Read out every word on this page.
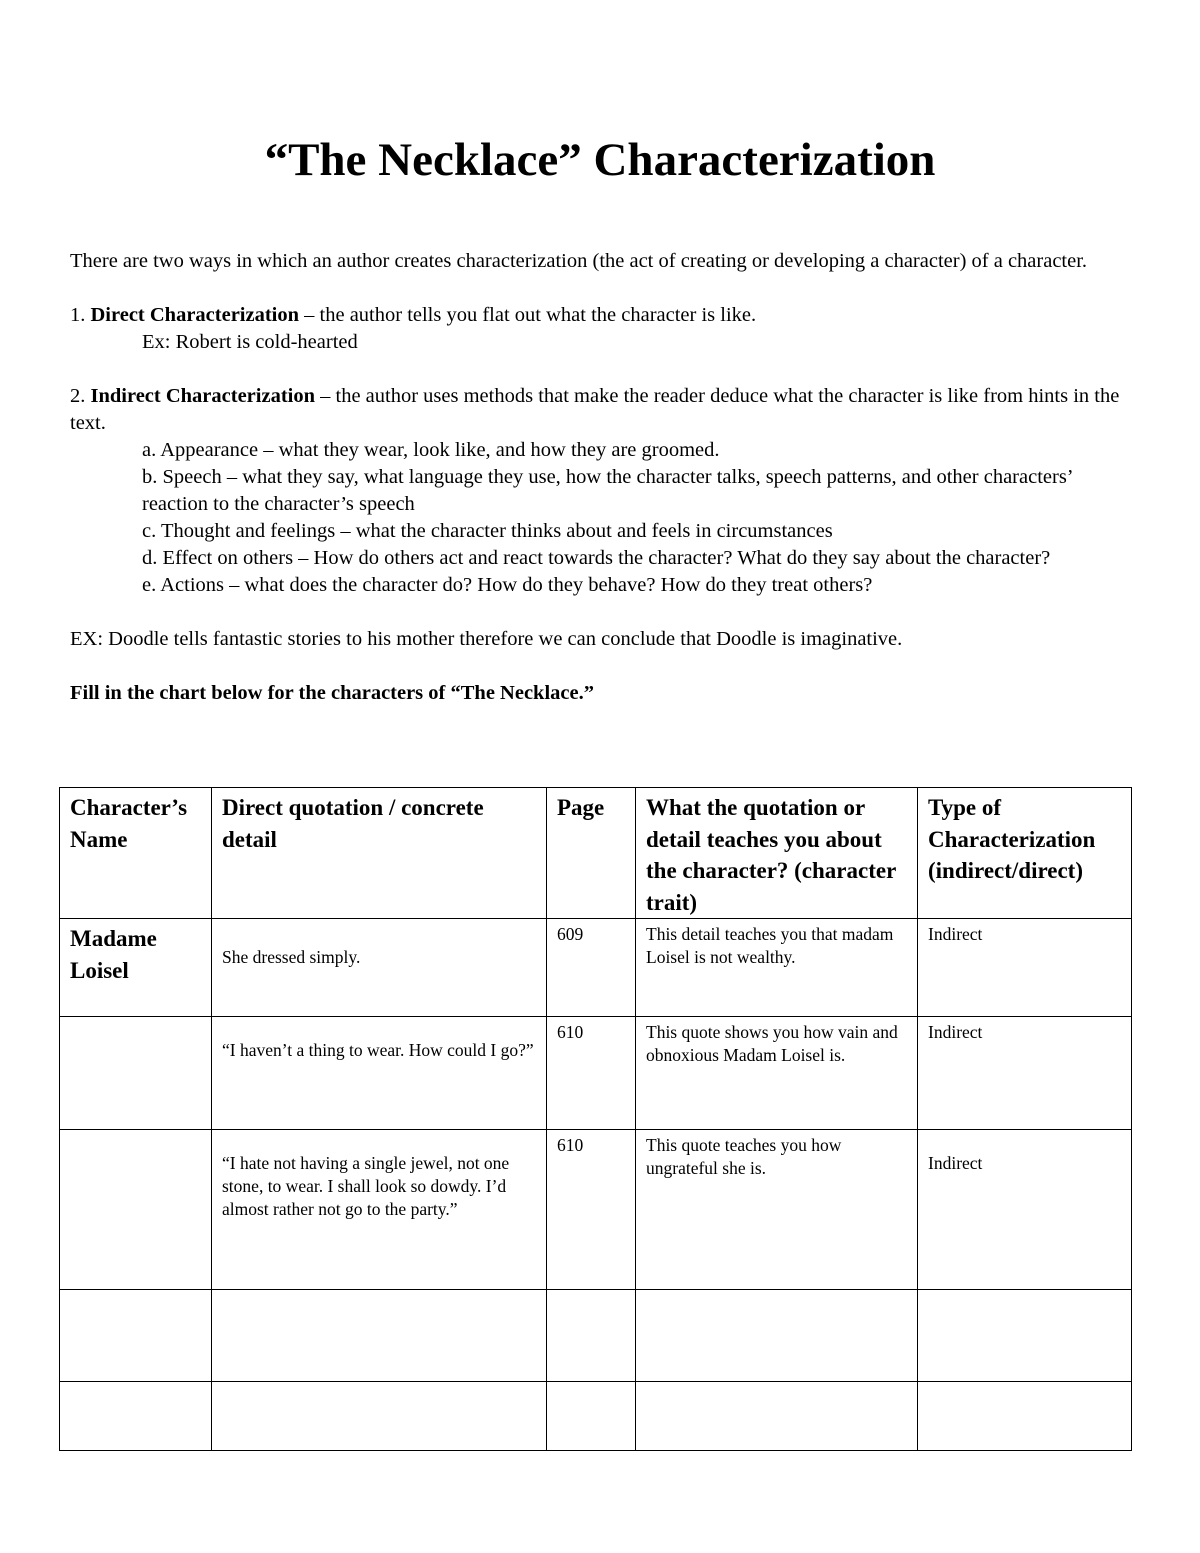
“The Necklace” Characterization

There are two ways in which an author creates characterization (the act of creating or developing a character) of a character.

1. Direct Characterization – the author tells you flat out what the character is like.

Ex: Robert is cold-hearted

2. Indirect Characterization – the author uses methods that make the reader deduce what the character is like from hints in the text.

a. Appearance – what they wear, look like, and how they are groomed.

b. Speech – what they say, what language they use, how the character talks, speech patterns, and other characters’ reaction to the character’s speech

c. Thought and feelings – what the character thinks about and feels in circumstances

d. Effect on others – How do others act and react towards the character? What do they say about the character?

e. Actions – what does the character do? How do they behave? How do they treat others?

EX: Doodle tells fantastic stories to his mother therefore we can conclude that Doodle is imaginative.

Fill in the chart below for the characters of “The Necklace.”

Character’s Name	Direct quotation / concrete detail	Page	What the quotation or detail teaches you about the character? (character trait)	Type of Characterization (indirect/direct)

Madame Loisel	She dressed simply.	609	This detail teaches you that madam Loisel is not wealthy.	Indirect

	“I haven’t a thing to wear. How could I go?”	610	This quote shows you how vain and obnoxious Madam Loisel is.	Indirect

	“I hate not having a single jewel, not one stone, to wear. I shall look so dowdy. I’d almost rather not go to the party.”	610	This quote teaches you how ungrateful she is.	Indirect
